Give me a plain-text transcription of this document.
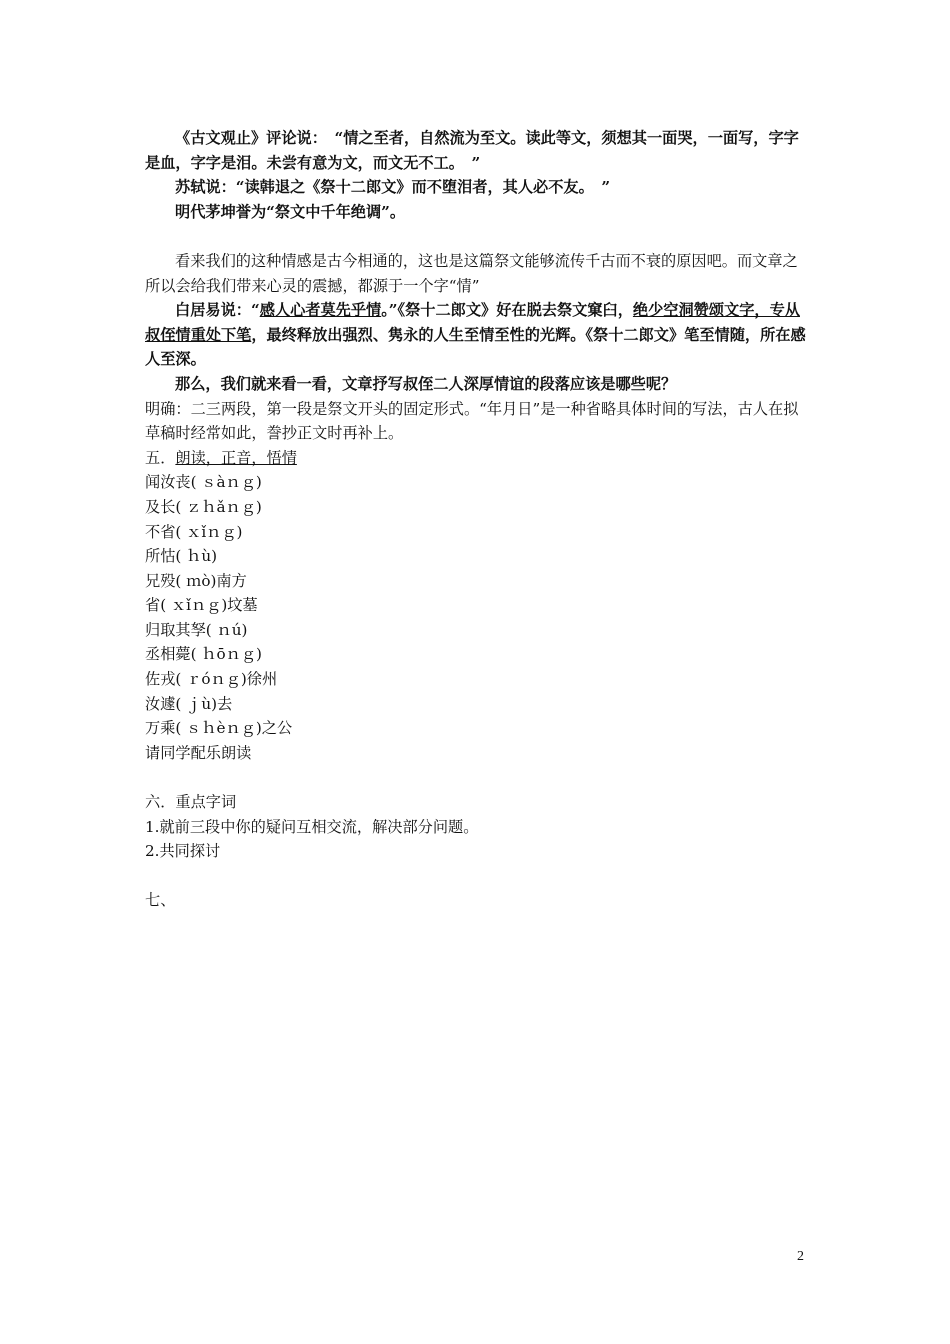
《古文观止》评论说：　“情之至者，自然流为至文。读此等文，须想其一面哭，一面写，字字是血，字字是泪。未尝有意为文，而文无不工。　”

苏轼说：“读韩退之《祭十二郎文》而不堕泪者，其人必不友。　”

明代茅坤誉为“祭文中千年绝调”。

看来我们的这种情感是古今相通的，这也是这篇祭文能够流传千古而不衰的原因吧。而文章之所以会给我们带来心灵的震撼，都源于一个字“情”

白居易说：“感人心者莫先乎情。”《祭十二郎文》好在脱去祭文窠臼，绝少空洞赞颂文字，专从叔侄情重处下笔，最终释放出强烈、隽永的人生至情至性的光辉。《祭十二郎文》笔至情随，所在感人至深。

那么，我们就来看一看，文章抒写叔侄二人深厚情谊的段落应该是哪些呢？

明确：二三两段，第一段是祭文开头的固定形式。“年月日”是一种省略具体时间的写法，古人在拟草稿时经常如此，誊抄正文时再补上。

五．朗读，正音，悟情

闻汝丧( ｓàｎｇ)

及长( ｚｈǎｎｇ)

不省( ｘǐｎｇ)

所怙( ｈù)

兄殁( ｍò)南方

省( ｘǐｎｇ)坟墓

归取其孥( ｎú)

丞相薨( ｈōｎｇ)

佐戎( ｒóｎｇ)徐州

汝遽( ｊù)去

万乘( ｓｈèｎｇ)之公

请同学配乐朗读

六．重点字词

1.就前三段中你的疑问互相交流，解决部分问题。

2.共同探讨

七、

2
